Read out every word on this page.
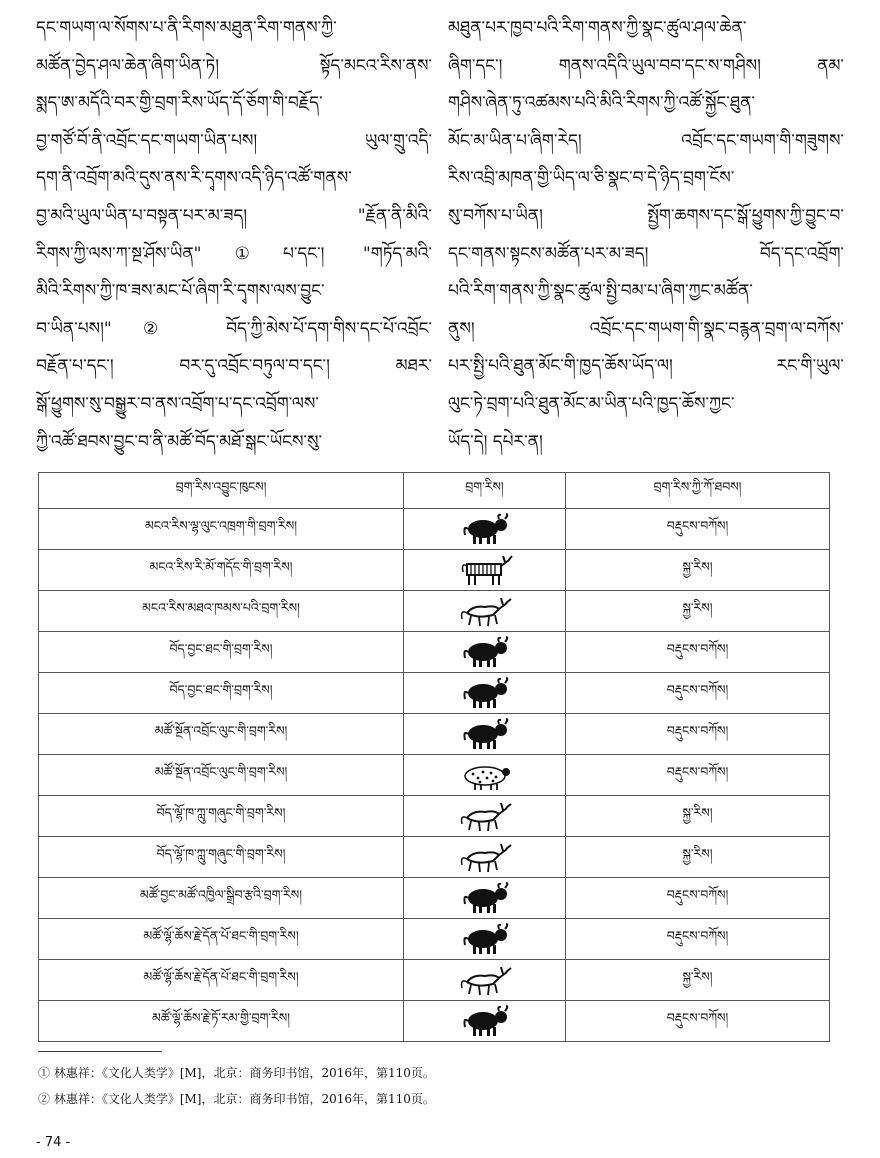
དང་གཡག་ལ་སོགས་པ་ནི་རིགས་མཐུན་རིག་གནས་ཀྱི་
མཚོན་བྱེད་ཤལ་ཆེན་ཞིག་ཡིན་ཏེ། སྟོད་མངའ་རིས་ནས་
སྨད་ཨ་མདོའི་བར་གྱི་བྲག་རིས་ཡོད་དོ་ཅོག་གི་བརྗོད་
བྱ་གཙོ་བོ་ནི་འབྲོང་དང་གཡག་ཡིན་པས། ཡུལ་གྲུ་འདི་
དག་ནི་འབྲོག་མའི་དུས་ནས་རི་དྭགས་འདི་ཉིད་འཚོ་གནས་
བྱ་མའི་ཡུལ་ཡིན་པ་བསྟན་པར་མ་ཟད། "རྗོན་ནི་མིའི་
རིགས་ཀྱི་ལས་ཀ་སྔ་ཤོས་ཡིན"①པ་དང་། "གཏོད་མའི་
མིའི་རིགས་ཀྱི་ཁ་ཟས་མང་པོ་ཞིག་རི་དྭགས་ལས་བྱུང་
བ་ཡིན་པས།"② བོད་ཀྱི་མེས་པོ་དག་གིས་དང་པོ་འབྲོང་
བརྗོན་པ་དང་། བར་དུ་འབྲོང་བཏུལ་བ་དང་། མཐར་
སྒོ་ཕྱུགས་སུ་བསྒྱུར་བ་ནས་འབྲོག་པ་དང་འབྲོག་ལས་
ཀྱི་འཚོ་ཐབས་བྱུང་བ་ནི་མཚོ་བོད་མཐོ་སྒང་ཡོངས་སུ་
མཐུན་པར་ཁྱབ་པའི་རིག་གནས་ཀྱི་སྣང་ཚུལ་ཤལ་ཆེན་
ཞིག་དང་། གནས་འདིའི་ཡུལ་བབ་དང་ས་གཤིས། ནམ་
གཤིས་ཞེན་ཏུ་འཚམས་པའི་མིའི་རིགས་ཀྱི་འཚོ་སྐྱོང་ཐུན་
མོང་མ་ཡིན་པ་ཞིག་རེད། འབྲོང་དང་གཡག་གི་གཟུགས་
རིས་འབྲི་མཁན་གྱི་ཡིད་ལ་ཅི་སྣང་བ་དེ་ཉིད་བྲག་ངོས་
སུ་བཀོས་པ་ཡིན། སྤྱོག་ཆགས་དང་སྒོ་ཕྱུགས་ཀྱི་བྱུང་བ་
དང་གནས་སྟངས་མཚོན་པར་མ་ཟད། བོད་དང་འབྲོག་
པའི་རིག་གནས་ཀྱི་སྣང་ཚུལ་སྤྱི་བམ་པ་ཞིག་ཀྱང་མཚོན་
ནུས། འབྲོང་དང་གཡག་གི་སྣང་བརྙན་བྲག་ལ་བཀོས་
པར་སྤྱི་པའི་ཐུན་མོང་གི་ཁྱད་ཆོས་ཡོད་ལ། རང་གི་ཡུལ་
ལུང་ཏེ་བྲག་པའི་ཐུན་མོང་མ་ཡིན་པའི་ཁྱད་ཆོས་ཀྱང་
ཡོད་དེ། དཔེར་ན།
བྲག་རིས་འབྱུང་ཁུངས།	བྲག་རིས།	བྲག་རིས་ཀྱི་ཀོ་ཐབས།
མངའ་རིས་ལྷ་ལུང་འཁྲག་གི་བྲག་རིས།		བརྡུངས་བཀོས།
མངའ་རིས་རི་མོ་གདོང་གི་བྲག་རིས།		སྐྱ་རིས།
མངའ་རིས་མཐའ་ཁམས་པའི་བྲག་རིས།		སྐྱ་རིས།
བོད་བྱང་ཐང་གི་བྲག་རིས།		བརྡུངས་བཀོས།
བོད་བྱང་ཐང་གི་བྲག་རིས།		བརྡུངས་བཀོས།
མཚོ་སྔོན་འབྲོང་ལུང་གི་བྲག་རིས།		བརྡུངས་བཀོས།
མཚོ་སྔོན་འབྲོང་ལུང་གི་བྲག་རིས།		བརྡུངས་བཀོས།
བོད་ལྷོ་ཁ་ཀླུ་གཞུང་གི་བྲག་རིས།		སྐྱ་རིས།
བོད་ལྷོ་ཁ་ཀླུ་གཞུང་གི་བྲག་རིས།		སྐྱ་རིས།
མཚོ་བྱང་མཚོ་འཁྱིལ་སྒྲིབ་རྩའི་བྲག་རིས།		བརྡུངས་བཀོས།
མཚོ་ལྷོ་ཆོས་རྗེ་དོན་པོ་ཐང་གི་བྲག་རིས།		བརྡུངས་བཀོས།
མཚོ་ལྷོ་ཆོས་རྗེ་དོན་པོ་ཐང་གི་བྲག་རིས།		སྐྱ་རིས།
མཚོ་ལྷོ་ཆོས་རྗེ་ཏོ་རམ་གྱི་བྲག་རིས།		བརྡུངས་བཀོས།
① 林惠祥：《文化人类学》[M]，北京：商务印书馆，2016年，第110页。
② 林惠祥：《文化人类学》[M]，北京：商务印书馆，2016年，第110页。
- 74 -
